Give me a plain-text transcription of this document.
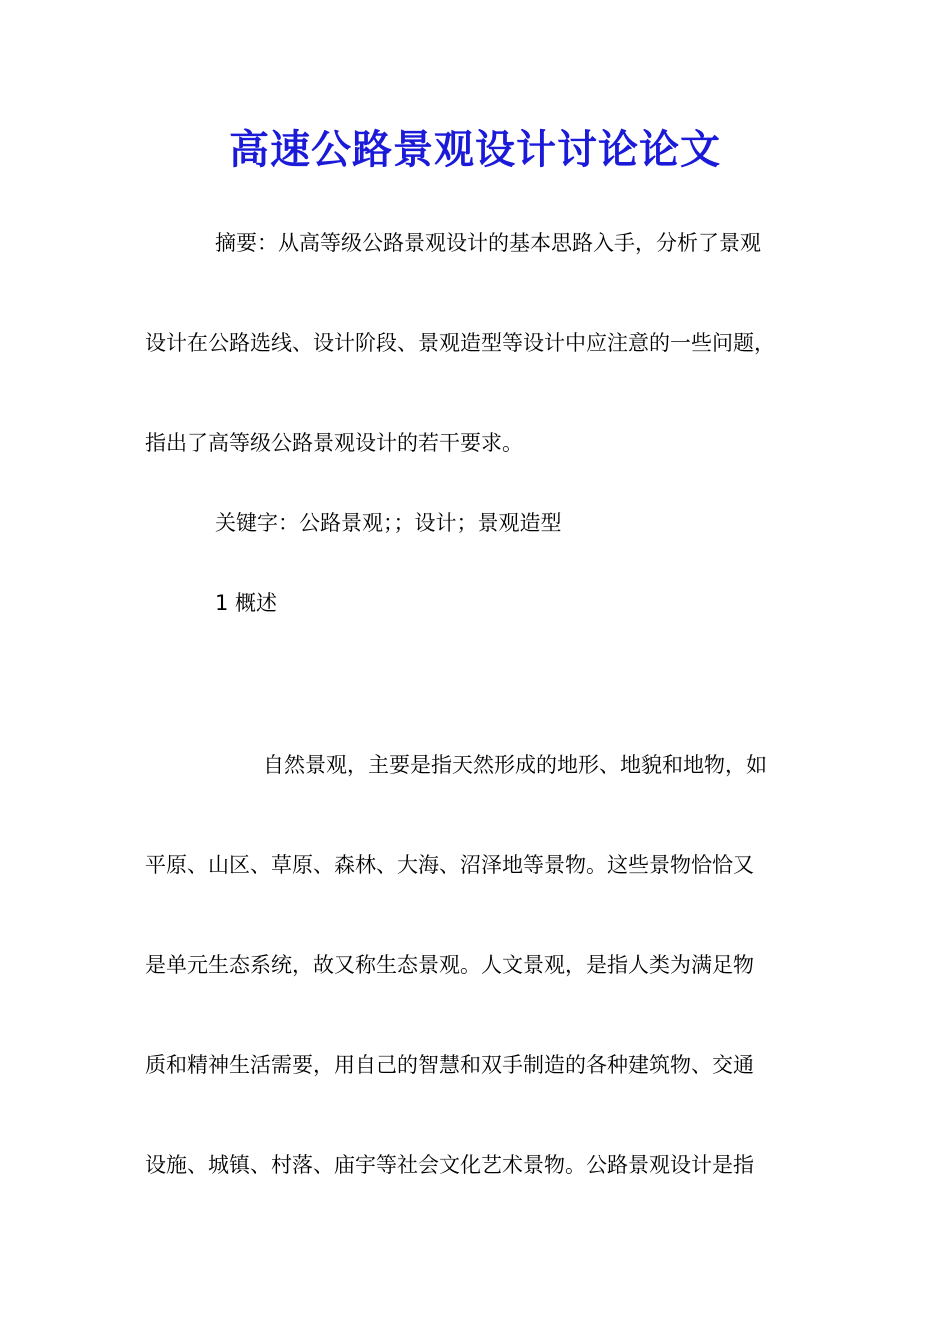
高速公路景观设计讨论论文
摘要：从高等级公路景观设计的基本思路入手，分析了景观
设计在公路选线、设计阶段、景观造型等设计中应注意的一些问题，
指出了高等级公路景观设计的若干要求。
关键字：公路景观；；设计；景观造型
1 概述
自然景观，主要是指天然形成的地形、地貌和地物，如
平原、山区、草原、森林、大海、沼泽地等景物。这些景物恰恰又
是单元生态系统，故又称生态景观。人文景观，是指人类为满足物
质和精神生活需要，用自己的智慧和双手制造的各种建筑物、交通
设施、城镇、村落、庙宇等社会文化艺术景物。公路景观设计是指
